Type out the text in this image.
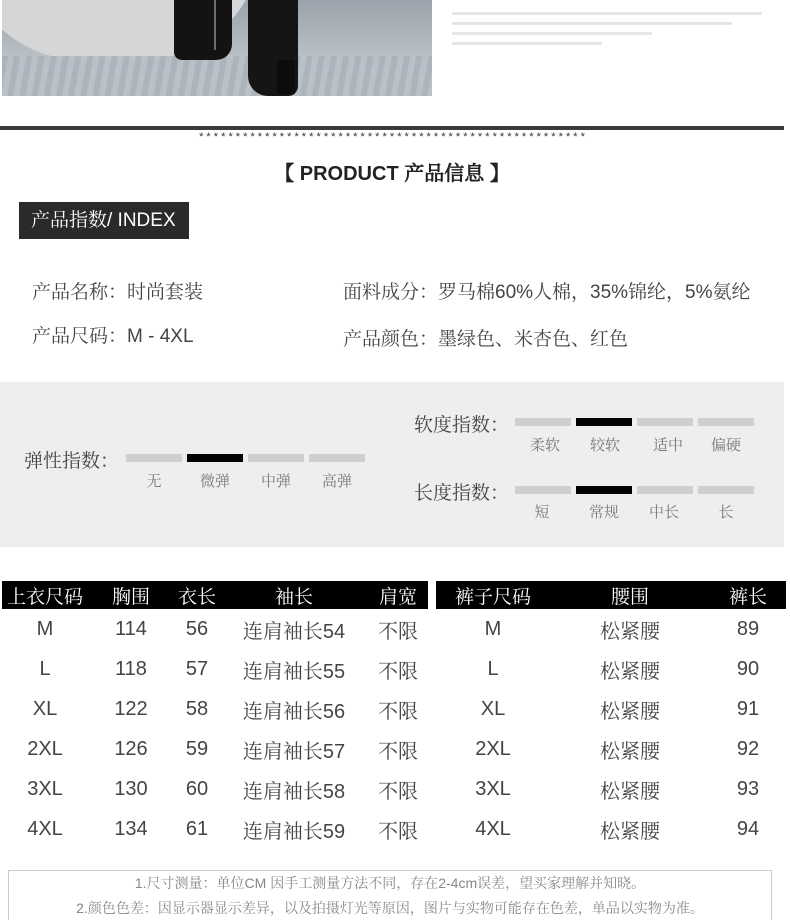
* * * * * * * * * * * * * * * * * * * * * * * * * * * * * * * * * * * * * * * * * * * * * * * * * * * * *
【 PRODUCT 产品信息 】
产品指数/ INDEX
产品名称：时尚套装	面料成分：罗马棉60%人棉，35%锦纶，5%氨纶
产品尺码：M - 4XL	产品颜色：墨绿色、米杏色、红色
弹性指数：
无	微弹	中弹	高弹
软度指数：
柔软	较软	适中	偏硬
长度指数：
短	常规	中长	长
上衣尺码	胸围	衣长	袖长	肩宽		裤子尺码	腰围	裤长
M	114	56	连肩袖长54	不限		M	松紧腰	89
L	118	57	连肩袖长55	不限		L	松紧腰	90
XL	122	58	连肩袖长56	不限		XL	松紧腰	91
2XL	126	59	连肩袖长57	不限		2XL	松紧腰	92
3XL	130	60	连肩袖长58	不限		3XL	松紧腰	93
4XL	134	61	连肩袖长59	不限		4XL	松紧腰	94
1.尺寸测量：单位CM 因手工测量方法不同，存在2-4cm误差，望买家理解并知晓。
2.颜色色差：因显示器显示差异，以及拍摄灯光等原因，图片与实物可能存在色差，单品以实物为准。
